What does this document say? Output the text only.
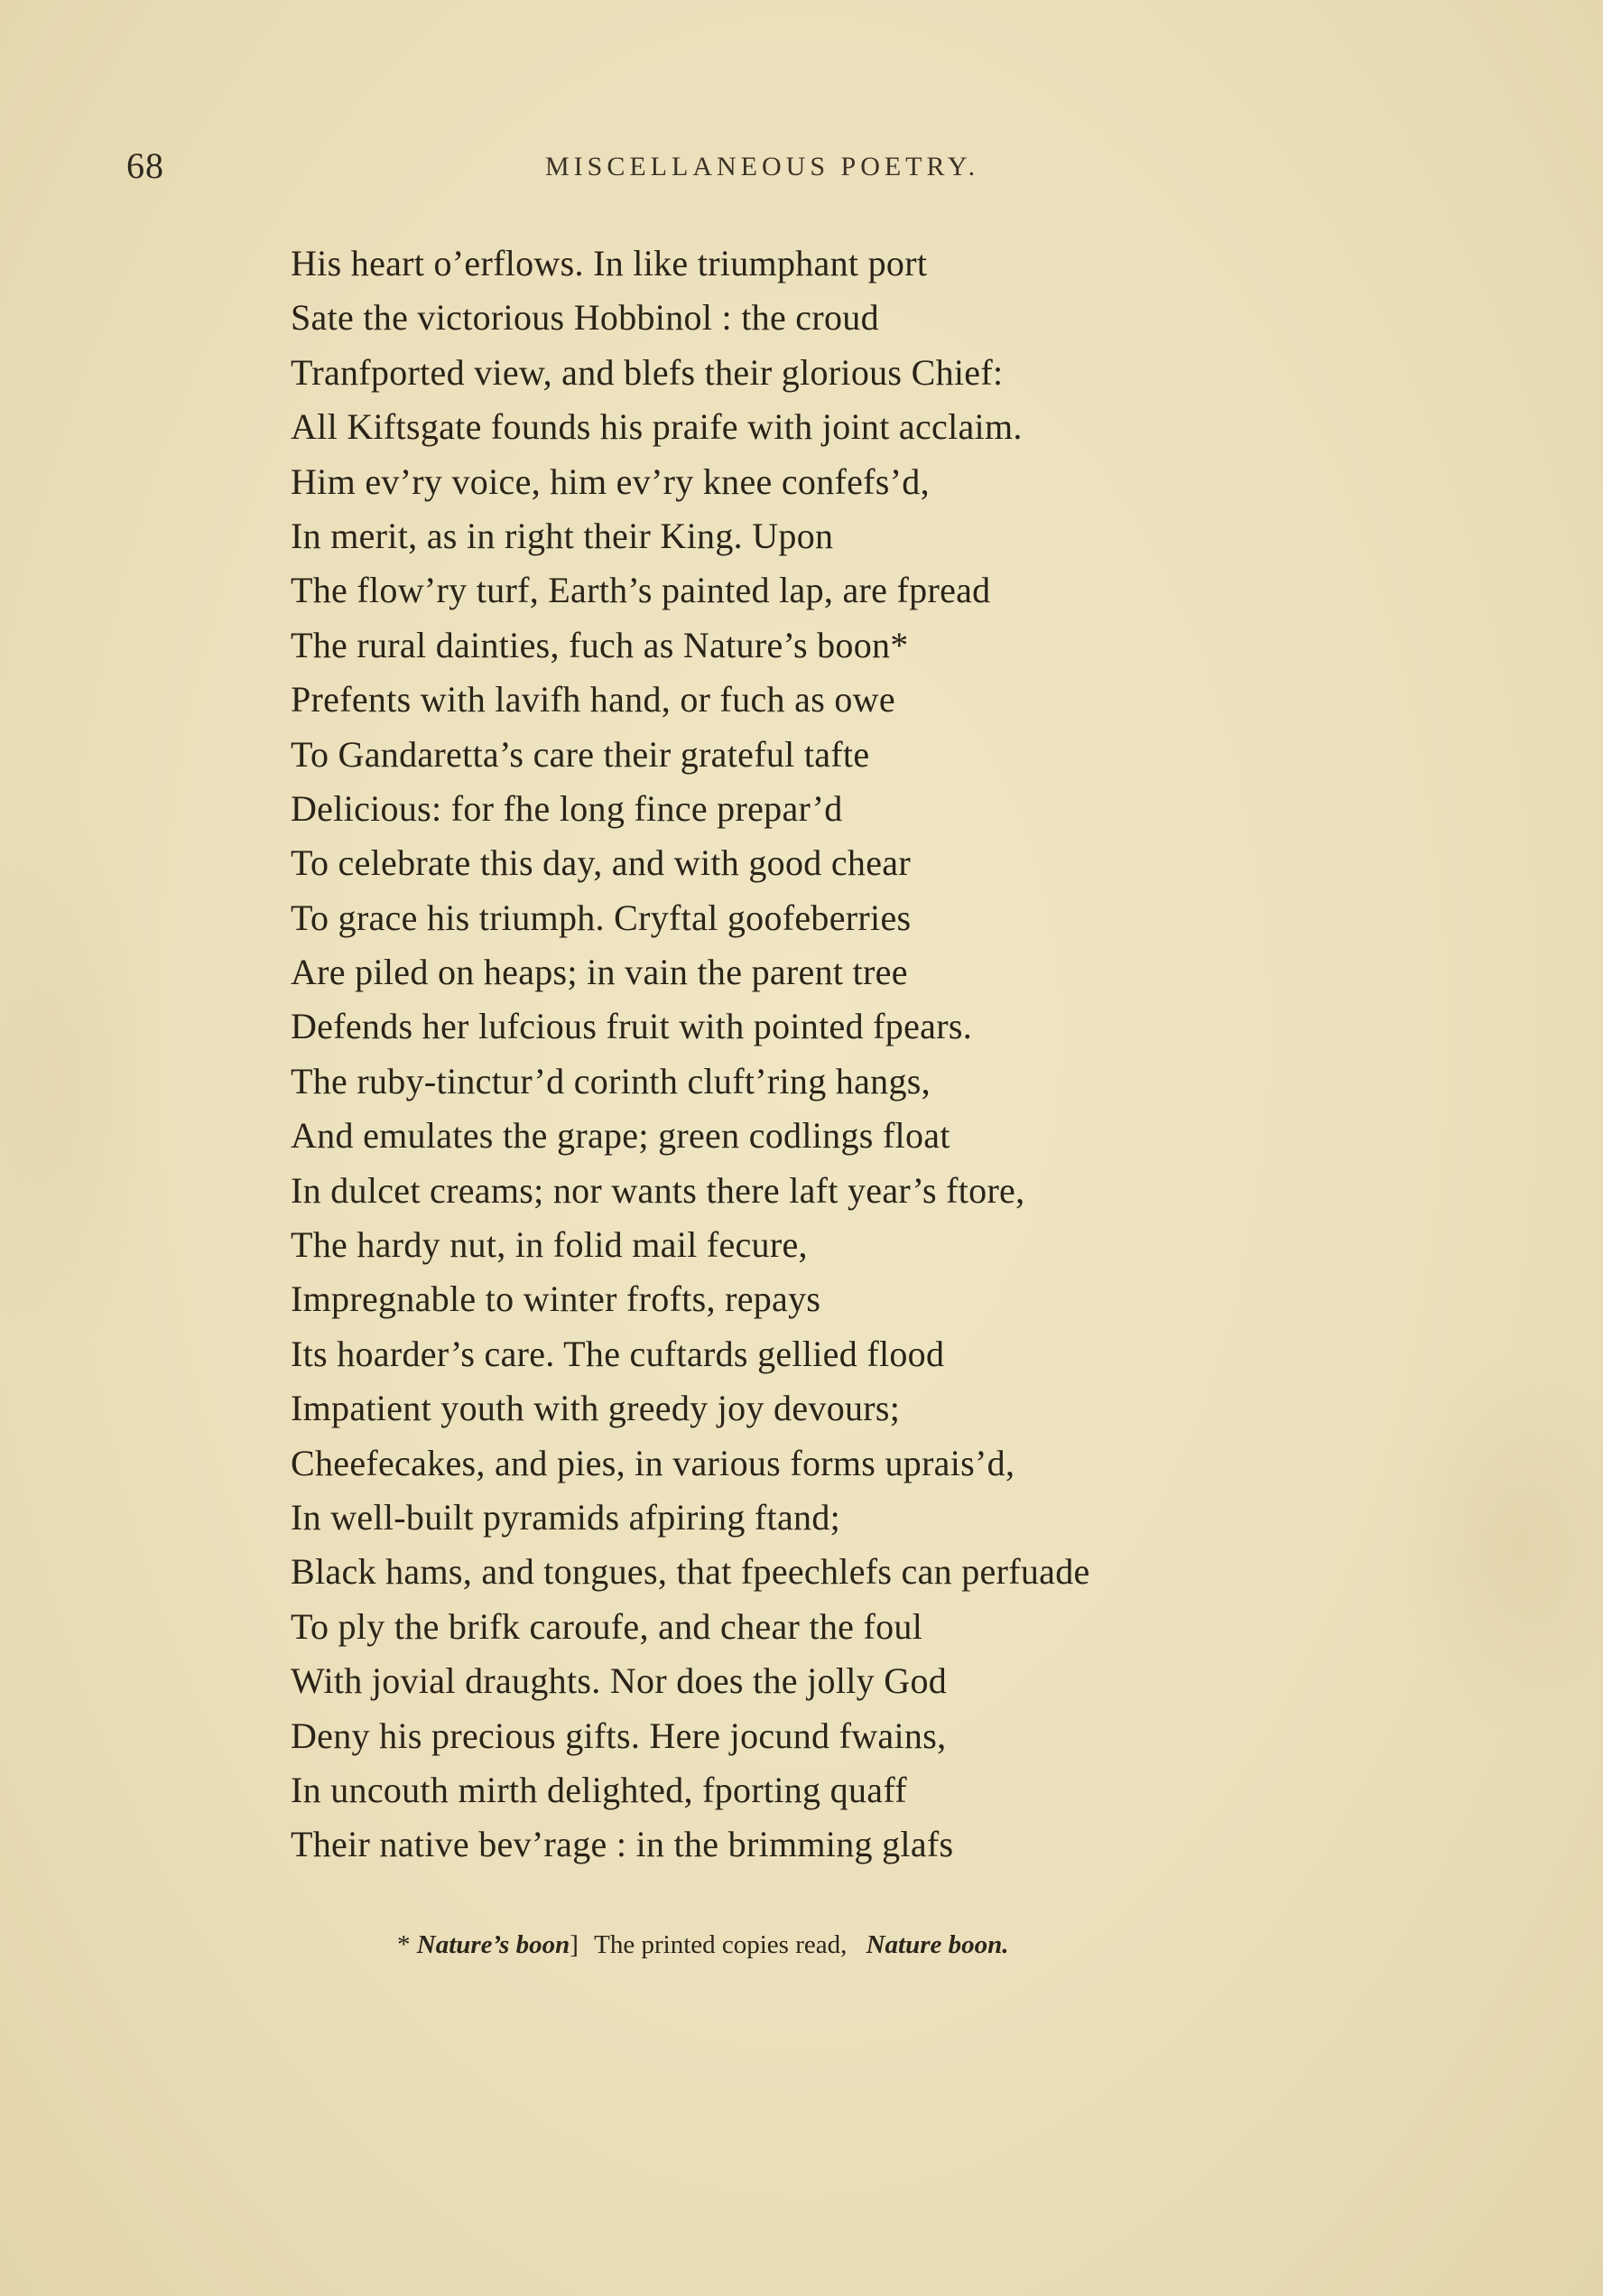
68	MISCELLANEOUS POETRY.
His heart o’erflows. In like triumphant port
Sate the victorious Hobbinol : the croud
Tranfported view, and blefs their glorious Chief:
All Kiftsgate founds his praife with joint acclaim.
Him ev’ry voice, him ev’ry knee confefs’d,
In merit, as in right their King. Upon
The flow’ry turf, Earth’s painted lap, are fpread
The rural dainties, fuch as Nature’s boon*
Prefents with lavifh hand, or fuch as owe
To Gandaretta’s care their grateful tafte
Delicious: for fhe long fince prepar’d
To celebrate this day, and with good chear
To grace his triumph. Cryftal goofeberries
Are piled on heaps; in vain the parent tree
Defends her lufcious fruit with pointed fpears.
The ruby-tinctur’d corinth cluft’ring hangs,
And emulates the grape; green codlings float
In dulcet creams; nor wants there laft year’s ftore,
The hardy nut, in folid mail fecure,
Impregnable to winter frofts, repays
Its hoarder’s care. The cuftards gellied flood
Impatient youth with greedy joy devours;
Cheefecakes, and pies, in various forms uprais’d,
In well-built pyramids afpiring ftand;
Black hams, and tongues, that fpeechlefs can perfuade
To ply the brifk caroufe, and chear the foul
With jovial draughts. Nor does the jolly God
Deny his precious gifts. Here jocund fwains,
In uncouth mirth delighted, fporting quaff
Their native bev’rage : in the brimming glafs
* Nature’s boon] The printed copies read, Nature boon.
